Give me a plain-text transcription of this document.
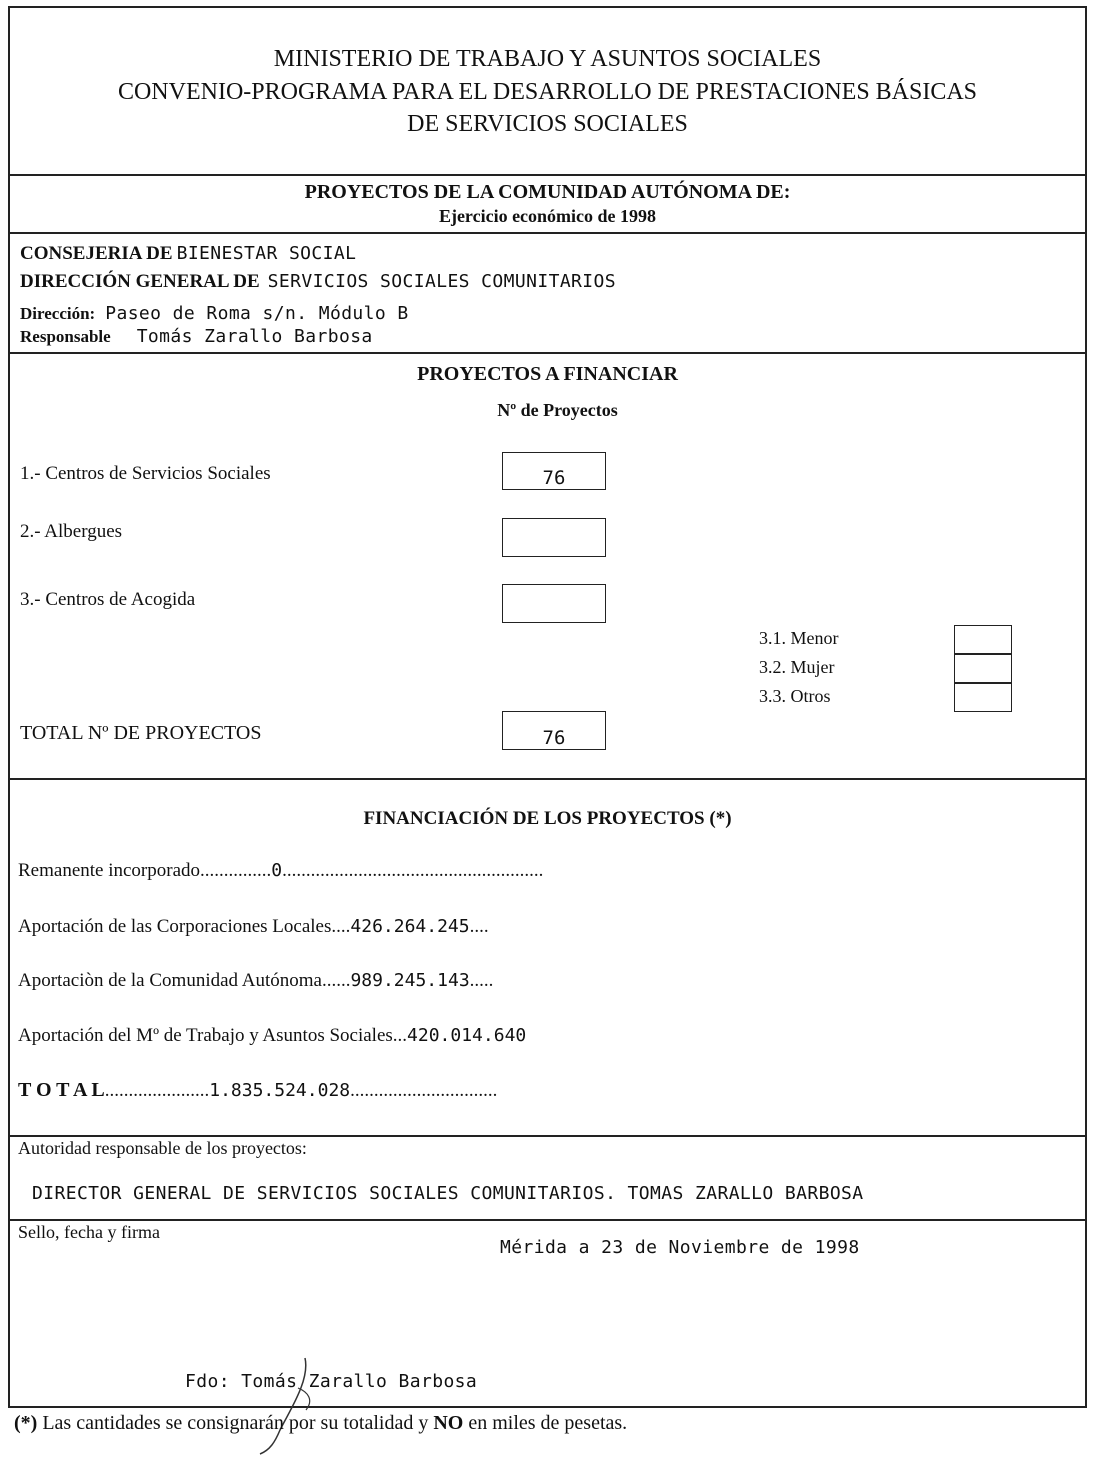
MINISTERIO DE TRABAJO Y ASUNTOS SOCIALES
CONVENIO-PROGRAMA PARA EL DESARROLLO DE PRESTACIONES BÁSICAS
DE SERVICIOS SOCIALES
PROYECTOS DE LA COMUNIDAD AUTÓNOMA DE:
Ejercicio económico de 1998
CONSEJERIA DE BIENESTAR SOCIAL
DIRECCIÓN GENERAL DE SERVICIOS SOCIALES COMUNITARIOS
Dirección: Paseo de Roma s/n. Módulo B
Responsable Tomás Zarallo Barbosa
PROYECTOS A FINANCIAR
Nº de Proyectos
1.- Centros de Servicios Sociales	76
2.- Albergues
3.- Centros de Acogida
3.1. Menor
3.2. Mujer
3.3. Otros
TOTAL Nº DE PROYECTOS	76
FINANCIACIÓN DE LOS PROYECTOS (*)
Remanente incorporado...............0.......................................................
Aportación de las Corporaciones Locales....426.264.245....
Aportaciòn de la Comunidad Autónoma......989.245.143.....
Aportación del Mº de Trabajo y Asuntos Sociales...420.014.640
T O T A L......................1.835.524.028...............................
Autoridad responsable de los proyectos:
DIRECTOR GENERAL DE SERVICIOS SOCIALES COMUNITARIOS. TOMAS ZARALLO BARBOSA
Sello, fecha y firma
Mérida a 23 de Noviembre de 1998
Fdo: Tomás Zarallo Barbosa
(*) Las cantidades se consignarán por su totalidad y NO en miles de pesetas.
